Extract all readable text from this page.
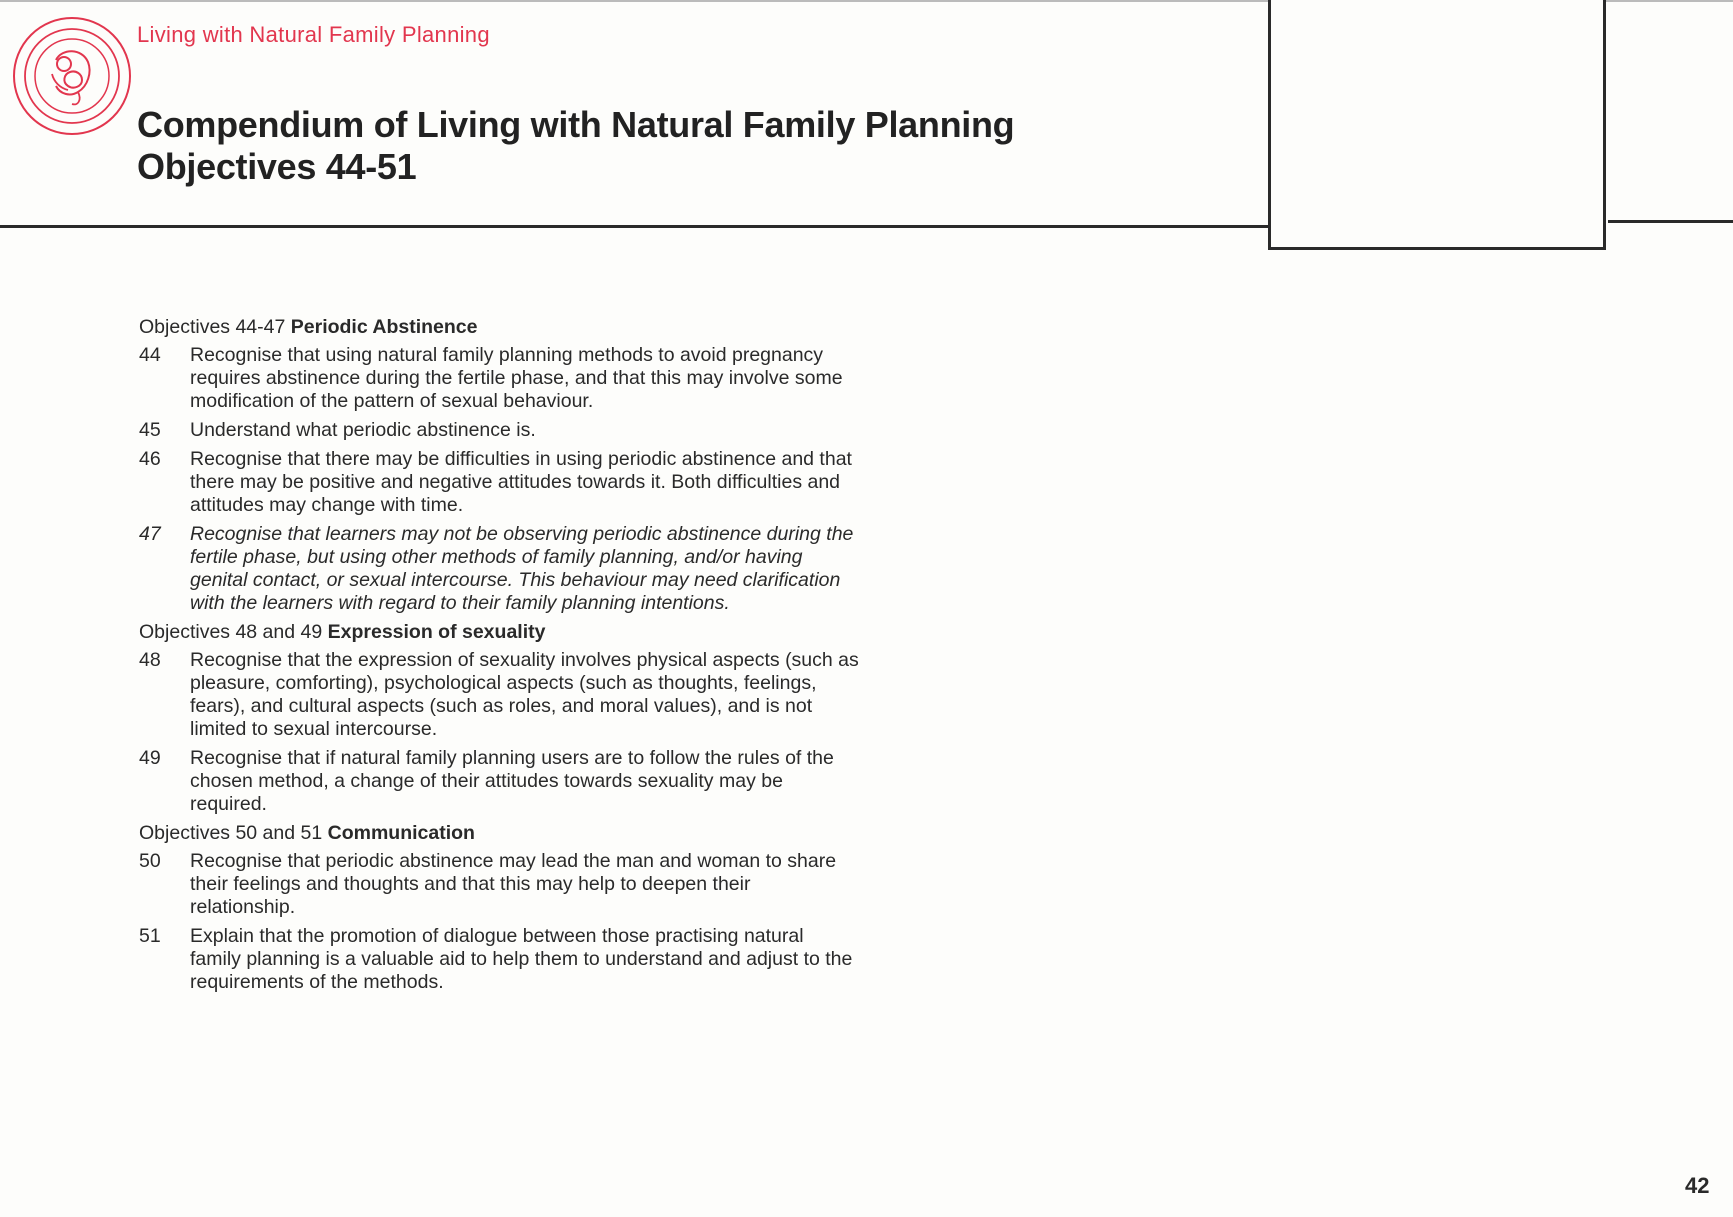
Living with Natural Family Planning
Compendium of Living with Natural Family Planning
Objectives 44-51

Objectives 44-47 Periodic Abstinence

44	Recognise that using natural family planning methods to avoid pregnancy requires abstinence during the fertile phase, and that this may involve some modification of the pattern of sexual behaviour.
45	Understand what periodic abstinence is.
46	Recognise that there may be difficulties in using periodic abstinence and that there may be positive and negative attitudes towards it. Both difficulties and attitudes may change with time.
47	Recognise that learners may not be observing periodic abstinence during the fertile phase, but using other methods of family planning, and/or having genital contact, or sexual intercourse. This behaviour may need clarification with the learners with regard to their family planning intentions.

Objectives 48 and 49 Expression of sexuality

48	Recognise that the expression of sexuality involves physical aspects (such as pleasure, comforting), psychological aspects (such as thoughts, feelings, fears), and cultural aspects (such as roles, and moral values), and is not limited to sexual intercourse.
49	Recognise that if natural family planning users are to follow the rules of the chosen method, a change of their attitudes towards sexuality may be required.

Objectives 50 and 51 Communication

50	Recognise that periodic abstinence may lead the man and woman to share their feelings and thoughts and that this may help to deepen their relationship.
51	Explain that the promotion of dialogue between those practising natural family planning is a valuable aid to help them to understand and adjust to the requirements of the methods.
42
